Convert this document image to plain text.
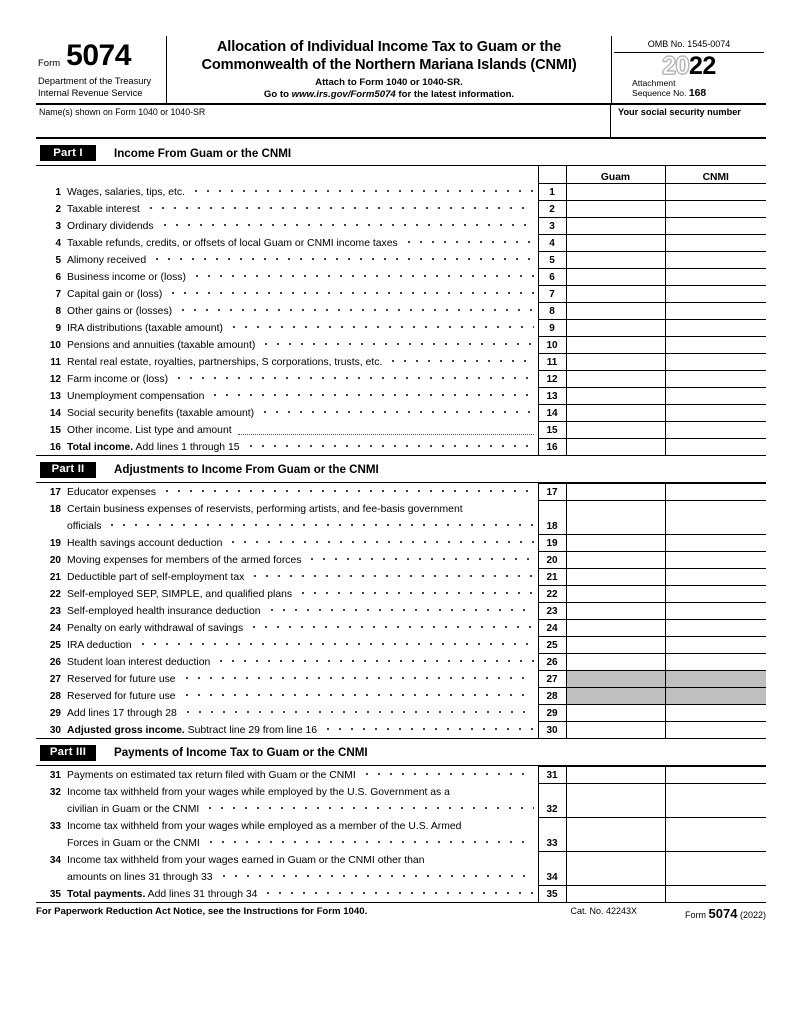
Form 5074
Department of the Treasury
Internal Revenue Service
Allocation of Individual Income Tax to Guam or the
Commonwealth of the Northern Mariana Islands (CNMI)
Attach to Form 1040 or 1040-SR.
Go to www.irs.gov/Form5074 for the latest information.
OMB No. 1545-0074
2022
Attachment
Sequence No. 168
Name(s) shown on Form 1040 or 1040-SR	Your social security number
Part I	Income From Guam or the CNMI

		Guam	CNMI

1 Wages, salaries, tips, etc.	1		

2 Taxable interest	2		

3 Ordinary dividends	3		

4 Taxable refunds, credits, or offsets of local Guam or CNMI income taxes	4		

5 Alimony received	5		

6 Business income or (loss)	6		

7 Capital gain or (loss)	7		

8 Other gains or (losses)	8		

9 IRA distributions (taxable amount)	9		

10 Pensions and annuities (taxable amount)	10		

11 Rental real estate, royalties, partnerships, S corporations, trusts, etc.	11		

12 Farm income or (loss)	12		

13 Unemployment compensation	13		

14 Social security benefits (taxable amount)	14		

15 Other income. List type and amount	15		

16 Total income. Add lines 1 through 15	16		
Part II	Adjustments to Income From Guam or the CNMI

17 Educator expenses	17		

18 Certain business expenses of reservists, performing artists, and fee-basis government			

officials	18		

19 Health savings account deduction	19		

20 Moving expenses for members of the armed forces	20		

21 Deductible part of self-employment tax	21		

22 Self-employed SEP, SIMPLE, and qualified plans	22		

23 Self-employed health insurance deduction	23		

24 Penalty on early withdrawal of savings	24		

25 IRA deduction	25		

26 Student loan interest deduction	26		

27 Reserved for future use	27		

28 Reserved for future use	28		

29 Add lines 17 through 28	29		

30 Adjusted gross income. Subtract line 29 from line 16	30		
Part III	Payments of Income Tax to Guam or the CNMI

31 Payments on estimated tax return filed with Guam or the CNMI	31		

32 Income tax withheld from your wages while employed by the U.S. Government as a			

civilian in Guam or the CNMI	32		

33 Income tax withheld from your wages while employed as a member of the U.S. Armed			

Forces in Guam or the CNMI	33		

34 Income tax withheld from your wages earned in Guam or the CNMI other than			

amounts on lines 31 through 33	34		

35 Total payments. Add lines 31 through 34	35		
For Paperwork Reduction Act Notice, see the Instructions for Form 1040.	Cat. No. 42243X	Form 5074 (2022)
